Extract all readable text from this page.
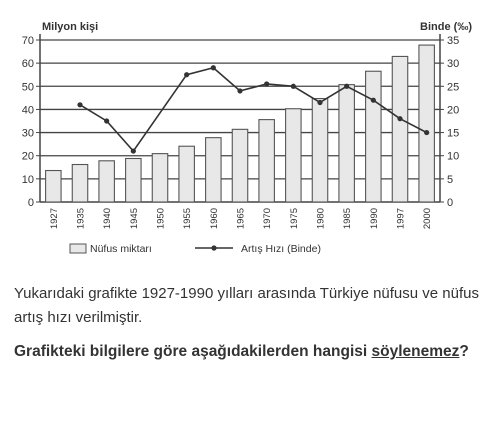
0
10
20
30
40
50
60
70
0
5
10
15
20
25
30
35
Milyon kişi	Binde (‰)
1927 1935 1940 1945 1950 1955 1960 1965 1970 1975 1980 1985 1990 1997 2000
Nüfus miktarı	Artış Hızı (Binde)

Yukarıdaki grafikte 1927-1990 yılları arasında Türkiye nüfusu ve nüfus artış hızı verilmiştir.

Grafikteki bilgilere göre aşağıdakilerden hangisi söylenemez?
